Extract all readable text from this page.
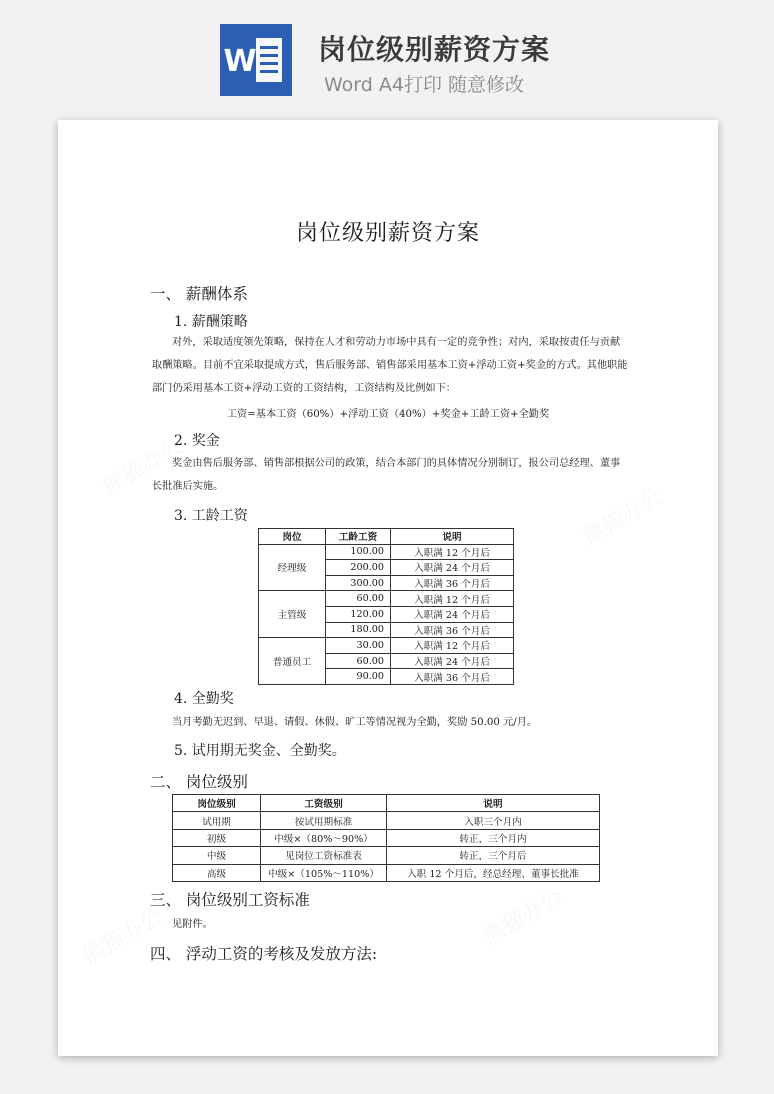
W 岗位级别薪资方案
Word A4打印 随意修改
岗位级别薪资方案
一、 薪酬体系
1. 薪酬策略
对外，采取适度领先策略，保持在人才和劳动力市场中具有一定的竞争性；对内，采取按责任与贡献取酬策略。目前不宜采取提成方式，售后服务部、销售部采用基本工资+浮动工资+奖金的方式。其他职能部门仍采用基本工资+浮动工资的工资结构，工资结构及比例如下：
工资=基本工资（60%）+浮动工资（40%）+奖金+工龄工资+全勤奖
2. 奖金
奖金由售后服务部、销售部根据公司的政策，结合本部门的具体情况分别制订，报公司总经理、董事长批准后实施。
3. 工龄工资
岗位	工龄工资	说明
经理级	100.00	入职满 12 个月后
	200.00	入职满 24 个月后
	300.00	入职满 36 个月后
主管级	60.00	入职满 12 个月后
	120.00	入职满 24 个月后
	180.00	入职满 36 个月后
普通员工	30.00	入职满 12 个月后
	60.00	入职满 24 个月后
	90.00	入职满 36 个月后
4. 全勤奖
当月考勤无迟到、早退、请假、休假、旷工等情况视为全勤，奖励 50.00 元/月。
5. 试用期无奖金、全勤奖。
二、 岗位级别
岗位级别	工资级别	说明
试用期	按试用期标准	入职三个月内
初级	中级×（80%～90%）	转正，三个月内
中级	见岗位工资标准表	转正，三个月后
高级	中级×（105%～110%）	入职 12 个月后，经总经理、董事长批准
三、 岗位级别工资标准
见附件。
四、 浮动工资的考核及发放方法:
